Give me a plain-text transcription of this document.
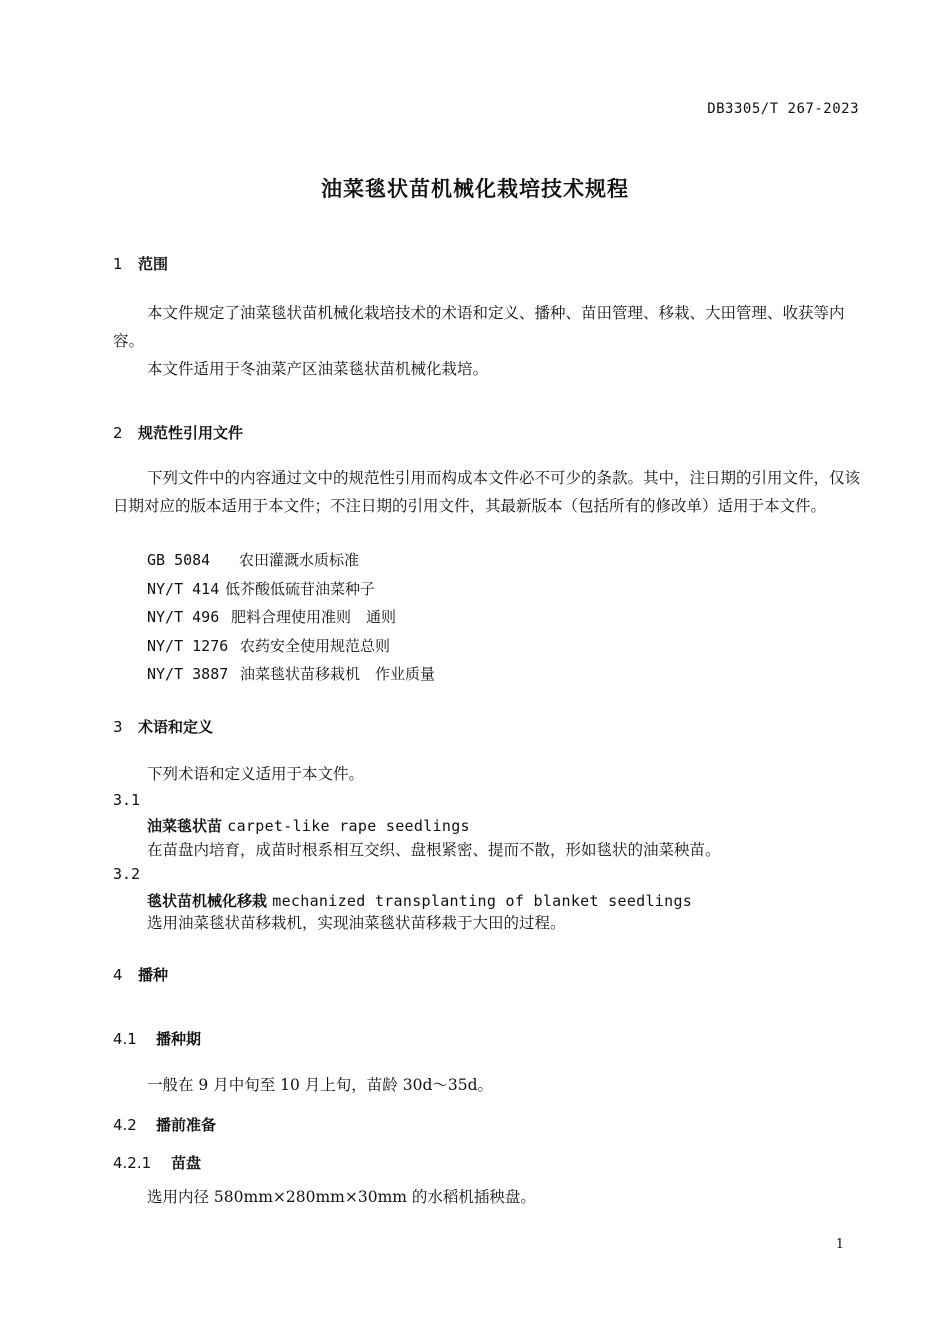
DB3305/T 267-2023
油菜毯状苗机械化栽培技术规程
1 范围
本文件规定了油菜毯状苗机械化栽培技术的术语和定义、播种、苗田管理、移栽、大田管理、收获等内容。
本文件适用于冬油菜产区油菜毯状苗机械化栽培。
2 规范性引用文件
下列文件中的内容通过文中的规范性引用而构成本文件必不可少的条款。其中，注日期的引用文件，仅该日期对应的版本适用于本文件；不注日期的引用文件，其最新版本（包括所有的修改单）适用于本文件。
GB 5084 农田灌溉水质标准
NY/T 414 低芥酸低硫苷油菜种子
NY/T 496 肥料合理使用准则　通则
NY/T 1276 农药安全使用规范总则
NY/T 3887 油菜毯状苗移栽机　作业质量
3 术语和定义
下列术语和定义适用于本文件。
3.1
油菜毯状苗 carpet-like rape seedlings
在苗盘内培育，成苗时根系相互交织、盘根紧密、提而不散，形如毯状的油菜秧苗。
3.2
毯状苗机械化移栽 mechanized transplanting of blanket seedlings
选用油菜毯状苗移栽机，实现油菜毯状苗移栽于大田的过程。
4 播种
4.1 播种期
一般在 9 月中旬至 10 月上旬，苗龄 30d～35d。
4.2 播前准备
4.2.1 苗盘
选用内径 580mm×280mm×30mm 的水稻机插秧盘。
1
